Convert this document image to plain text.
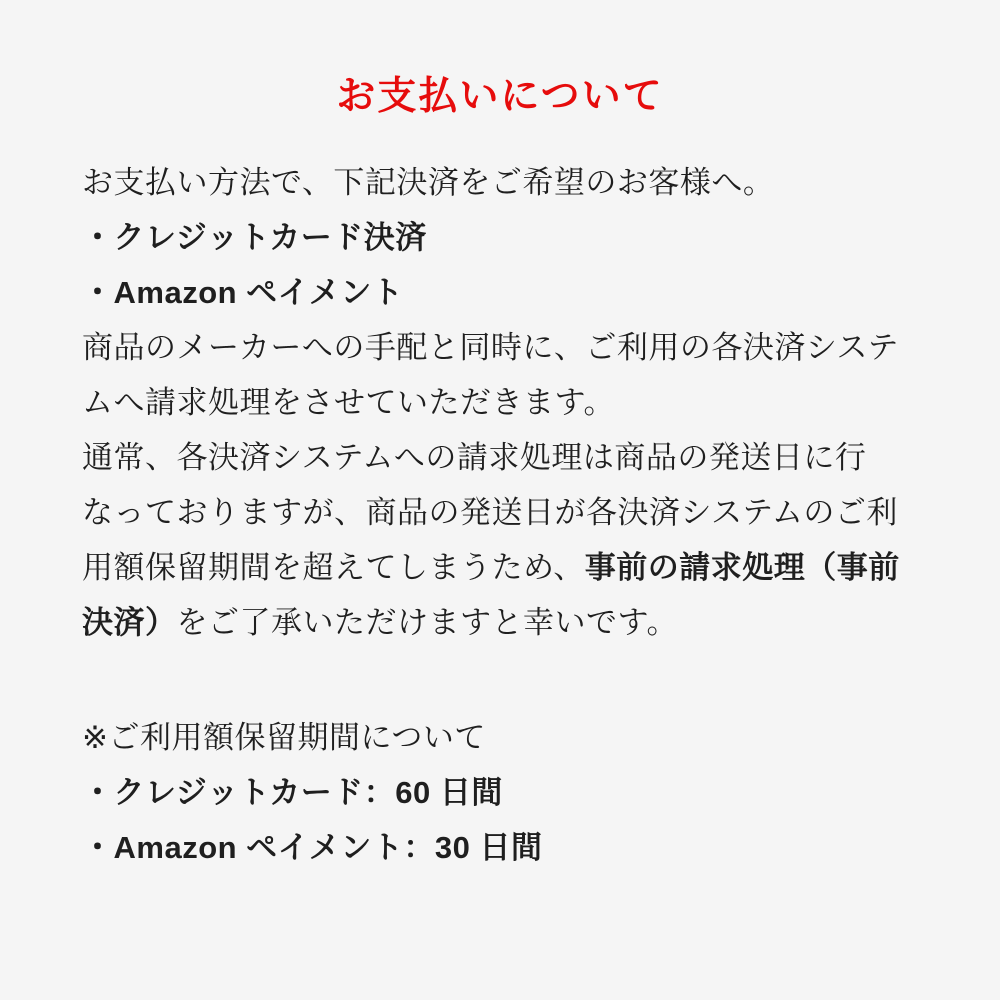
お支払いについて
お支払い方法で、下記決済をご希望のお客様へ。
・クレジットカード決済
・Amazon ペイメント
商品のメーカーへの手配と同時に、ご利用の各決済システ
ムへ請求処理をさせていただきます。
通常、各決済システムへの請求処理は商品の発送日に行
なっておりますが、商品の発送日が各決済システムのご利
用額保留期間を超えてしまうため、事前の請求処理（事前
決済）をご了承いただけますと幸いです。
※ご利用額保留期間について
・クレジットカード：60 日間
・Amazon ペイメント：30 日間
